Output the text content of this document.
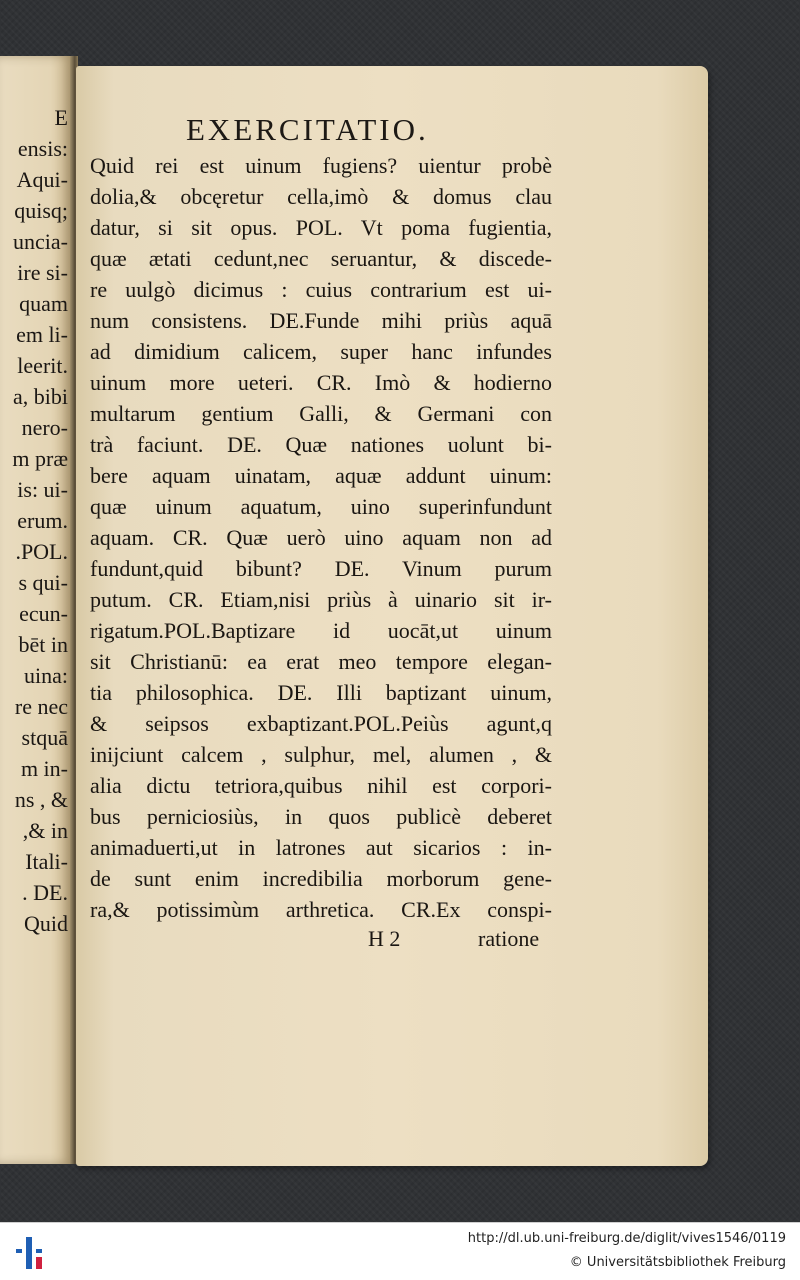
E
ensis:
Aqui-
quisq;
uncia-
ire si-
quam
em li-
leerit.
a, bibi
nero-
m præ
is: ui-
erum.
.POL.
s qui-
ecun-
bēt in
uina:
re nec
stquā
m in-
ns , &
,& in
Itali-
. DE.
Quid
EXERCITATIO.
Quid rei est uinum fugiens? uientur probè
dolia,& obcęretur cella,imò & domus clau
datur, si sit opus. POL. Vt poma fugientia,
quæ ætati cedunt,nec seruantur, & discede-
re uulgò dicimus : cuius contrarium est ui-
num consistens. DE.Funde mihi priùs aquā
ad dimidium calicem, super hanc infundes
uinum more ueteri. CR. Imò & hodierno
multarum gentium Galli, & Germani con
trà faciunt. DE. Quæ nationes uolunt bi-
bere aquam uinatam, aquæ addunt uinum:
quæ uinum aquatum, uino superinfundunt
aquam. CR. Quæ uerò uino aquam non ad
fundunt,quid bibunt? DE. Vinum purum
putum. CR. Etiam,nisi priùs à uinario sit ir-
rigatum.POL.Baptizare id uocāt,ut uinum
sit Christianū: ea erat meo tempore elegan-
tia philosophica. DE. Illi baptizant uinum,
& seipsos exbaptizant.POL.Peiùs agunt,q
inijciunt calcem , sulphur, mel, alumen , &
alia dictu tetriora,quibus nihil est corpori-
bus perniciosiùs, in quos publicè deberet
animaduerti,ut in latrones aut sicarios : in-
de sunt enim incredibilia morborum gene-
ra,& potissimùm arthretica. CR.Ex conspi-
H 2	ratione
http://dl.ub.uni-freiburg.de/diglit/vives1546/0119
© Universitätsbibliothek Freiburg
